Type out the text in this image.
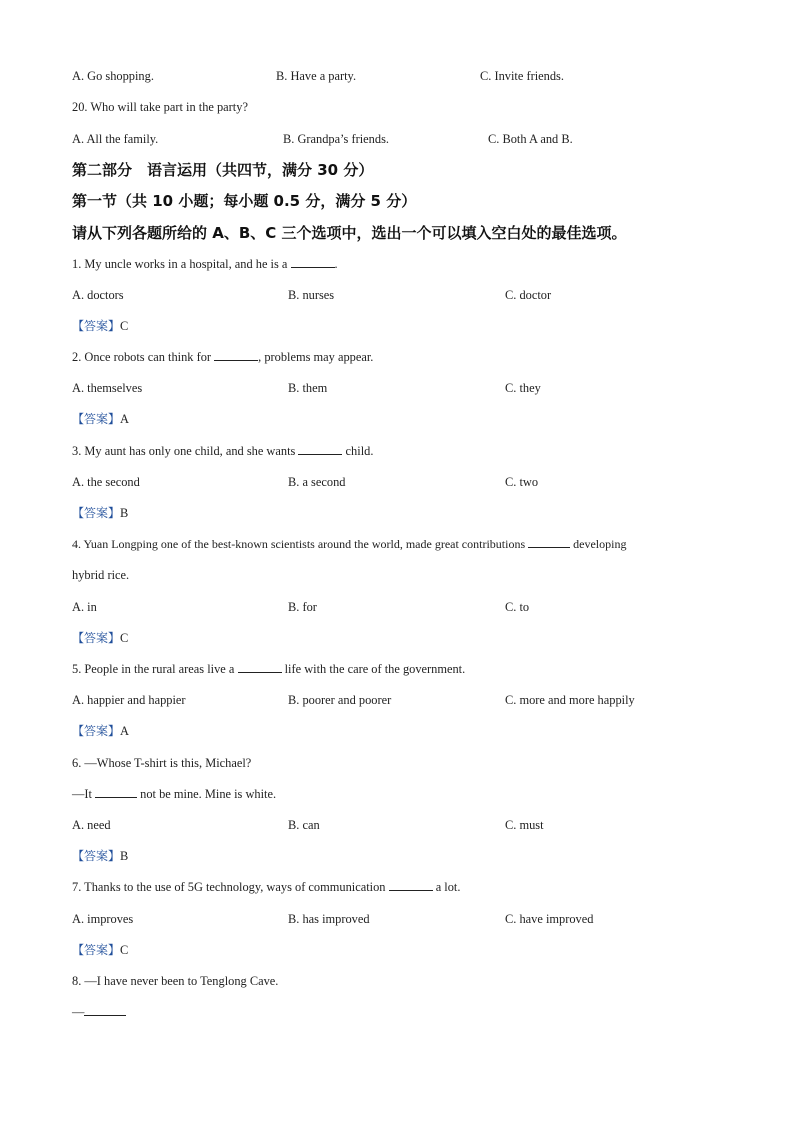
A. Go shopping.	B. Have a party.	C. Invite friends.
20. Who will take part in the party?
A. All the family.	B. Grandpa’s friends.	C. Both A and B.
第二部分　语言运用（共四节，满分 30 分）
第一节（共 10 小题；每小题 0.5 分，满分 5 分）
请从下列各题所给的 A、B、C 三个选项中，选出一个可以填入空白处的最佳选项。
1. My uncle works in a hospital, and he is a	.
A. doctors	B. nurses	C. doctor
【答案】C
2. Once robots can think for	, problems may appear.
A. themselves	B. them	C. they
【答案】A
3. My aunt has only one child, and she wants	child.
A. the second	B. a second	C. two
【答案】B
4. Yuan Longping one of the best-known scientists around the world, made great contributions	developing
hybrid rice.
A. in	B. for	C. to
【答案】C
5. People in the rural areas live a	life with the care of the government.
A. happier and happier	B. poorer and poorer	C. more and more happily
【答案】A
6. —Whose T-shirt is this, Michael?
—It	not be mine. Mine is white.
A. need	B. can	C. must
【答案】B
7. Thanks to the use of 5G technology, ways of communication	a lot.
A. improves	B. has improved	C. have improved
【答案】C
8. —I have never been to Tenglong Cave.
—
